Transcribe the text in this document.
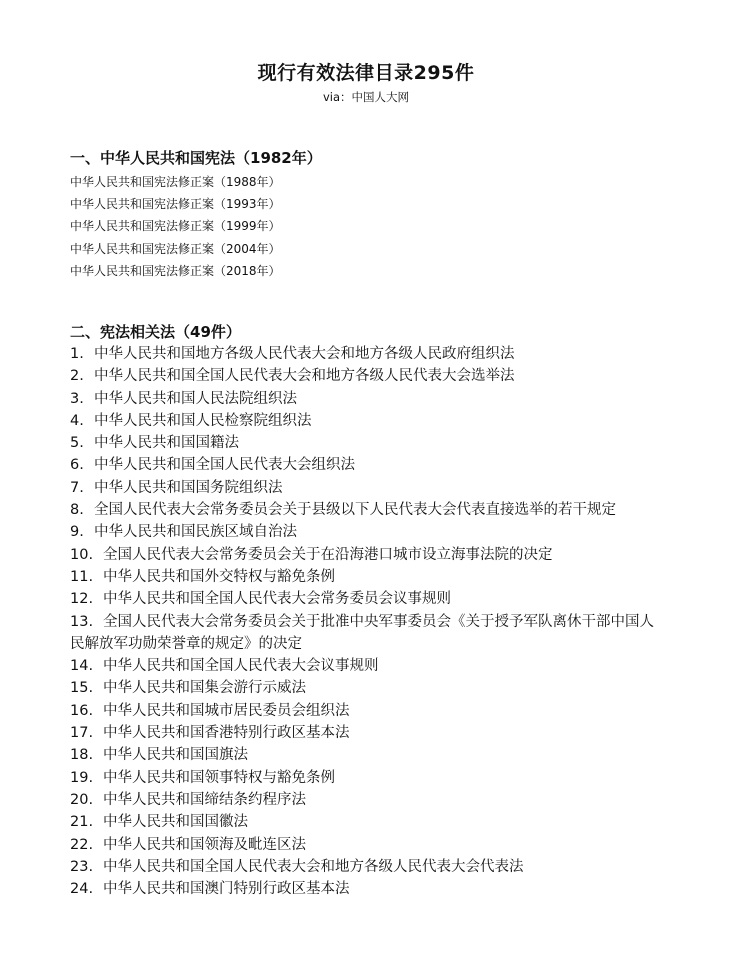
现行有效法律目录295件
via：中国人大网
一、中华人民共和国宪法（1982年）
中华人民共和国宪法修正案（1988年）
中华人民共和国宪法修正案（1993年）
中华人民共和国宪法修正案（1999年）
中华人民共和国宪法修正案（2004年）
中华人民共和国宪法修正案（2018年）
二、宪法相关法（49件）
1. 中华人民共和国地方各级人民代表大会和地方各级人民政府组织法
2. 中华人民共和国全国人民代表大会和地方各级人民代表大会选举法
3. 中华人民共和国人民法院组织法
4. 中华人民共和国人民检察院组织法
5. 中华人民共和国国籍法
6. 中华人民共和国全国人民代表大会组织法
7. 中华人民共和国国务院组织法
8. 全国人民代表大会常务委员会关于县级以下人民代表大会代表直接选举的若干规定
9. 中华人民共和国民族区域自治法
10. 全国人民代表大会常务委员会关于在沿海港口城市设立海事法院的决定
11. 中华人民共和国外交特权与豁免条例
12. 中华人民共和国全国人民代表大会常务委员会议事规则
13. 全国人民代表大会常务委员会关于批准中央军事委员会《关于授予军队离休干部中国人民解放军功勋荣誉章的规定》的决定
14. 中华人民共和国全国人民代表大会议事规则
15. 中华人民共和国集会游行示威法
16. 中华人民共和国城市居民委员会组织法
17. 中华人民共和国香港特别行政区基本法
18. 中华人民共和国国旗法
19. 中华人民共和国领事特权与豁免条例
20. 中华人民共和国缔结条约程序法
21. 中华人民共和国国徽法
22. 中华人民共和国领海及毗连区法
23. 中华人民共和国全国人民代表大会和地方各级人民代表大会代表法
24. 中华人民共和国澳门特别行政区基本法
